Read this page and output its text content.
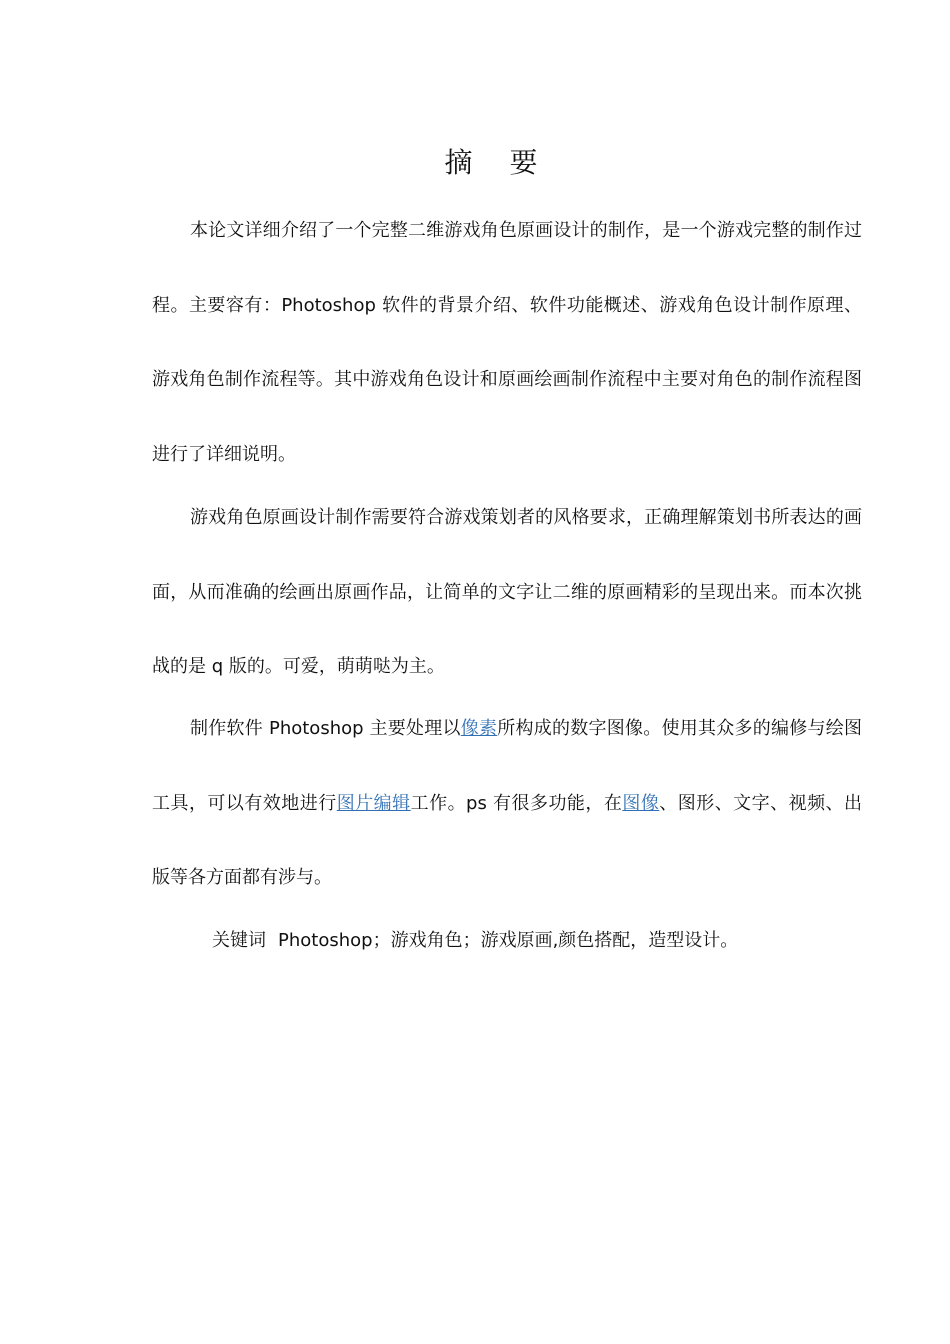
摘 要

本论文详细介绍了一个完整二维游戏角色原画设计的制作，是一个游戏完整的制作过程。主要容有：Photoshop 软件的背景介绍、软件功能概述、游戏角色设计制作原理、游戏角色制作流程等。其中游戏角色设计和原画绘画制作流程中主要对角色的制作流程图进行了详细说明。

游戏角色原画设计制作需要符合游戏策划者的风格要求，正确理解策划书所表达的画面，从而准确的绘画出原画作品，让简单的文字让二维的原画精彩的呈现出来。而本次挑战的是 q 版的。可爱，萌萌哒为主。

制作软件 Photoshop 主要处理以像素所构成的数字图像。使用其众多的编修与绘图工具，可以有效地进行图片编辑工作。ps 有很多功能，在图像、图形、文字、视频、出版等各方面都有涉与。

关键词 Photoshop；游戏角色；游戏原画,颜色搭配，造型设计。
